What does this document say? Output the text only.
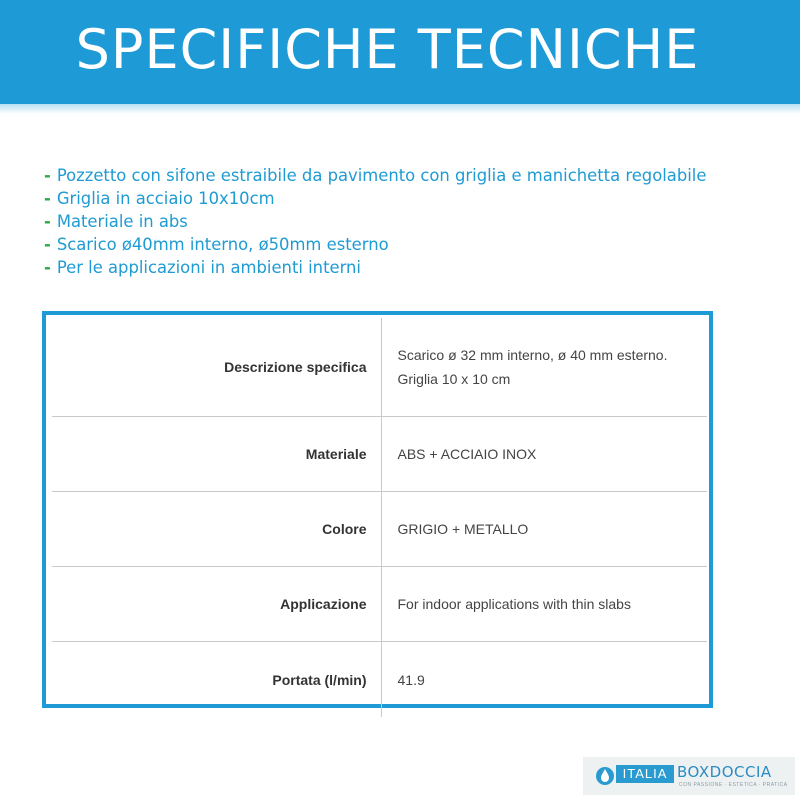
SPECIFICHE TECNICHE
- Pozzetto con sifone estraibile da pavimento con griglia e manichetta regolabile
- Griglia in acciaio 10x10cm
- Materiale in abs
- Scarico ø40mm interno, ø50mm esterno
- Per le applicazioni in ambienti interni
Descrizione specifica	Scarico ø 32 mm interno, ø 40 mm esterno.
Griglia 10 x 10 cm
Materiale	ABS + ACCIAIO INOX
Colore	GRIGIO + METALLO
Applicazione	For indoor applications with thin slabs
Portata (l/min)	41.9
ITALIA BOXDOCCIA
CON PASSIONE · ESTETICA · PRATICA
